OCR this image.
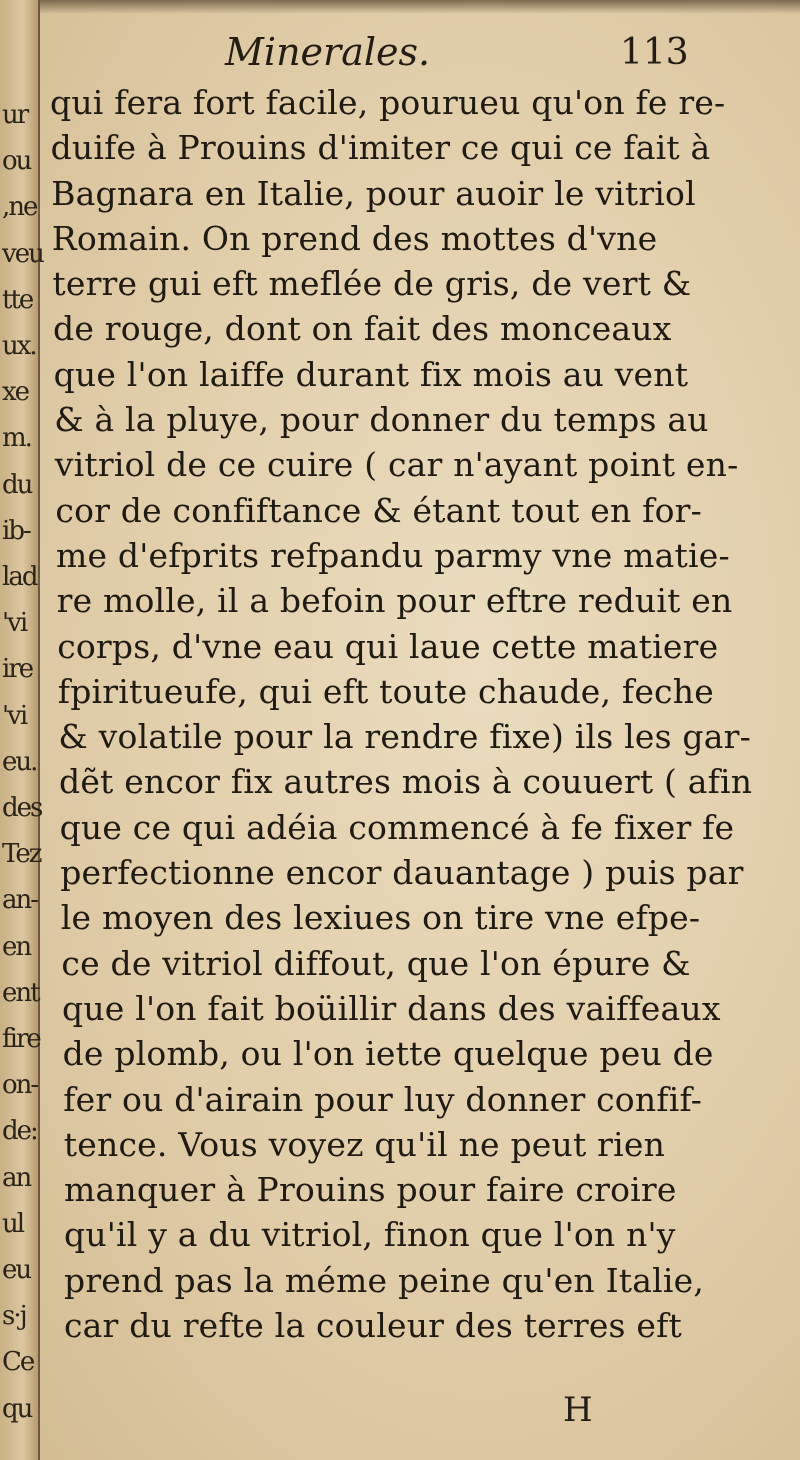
ur
ou
,ne
veu
tte
ux.
xe
m.
du
ib-
lad
'vi
ire
'vi
eu.
des
Tez
an-
en
ent
fire
on-
de:
an
ul
eu
s·j
Ce
qu
Minerales.	113
qui fera fort facile, pourueu qu'on fe re-
duife à Prouins d'imiter ce qui ce fait à
Bagnara en Italie, pour auoir le vitriol
Romain. On prend des mottes d'vne
terre gui eft meflée de gris, de vert &
de rouge, dont on fait des monceaux
que l'on laiffe durant fix mois au vent
& à la pluye, pour donner du temps au
vitriol de ce cuire ( car n'ayant point en-
cor de confiftance & étant tout en for-
me d'efprits refpandu parmy vne matie-
re molle, il a befoin pour eftre reduit en
corps, d'vne eau qui laue cette matiere
fpiritueufe, qui eft toute chaude, feche
& volatile pour la rendre fixe) ils les gar-
dẽt encor fix autres mois à couuert ( afin
que ce qui adéia commencé à fe fixer fe
perfectionne encor dauantage ) puis par
le moyen des lexiues on tire vne efpe-
ce de vitriol diffout, que l'on épure &
que l'on fait boüillir dans des vaiffeaux
de plomb, ou l'on iette quelque peu de
fer ou d'airain pour luy donner confif-
tence. Vous voyez qu'il ne peut rien
manquer à Prouins pour faire croire
qu'il y a du vitriol, finon que l'on n'y
prend pas la méme peine qu'en Italie,
car du refte la couleur des terres eft
H
